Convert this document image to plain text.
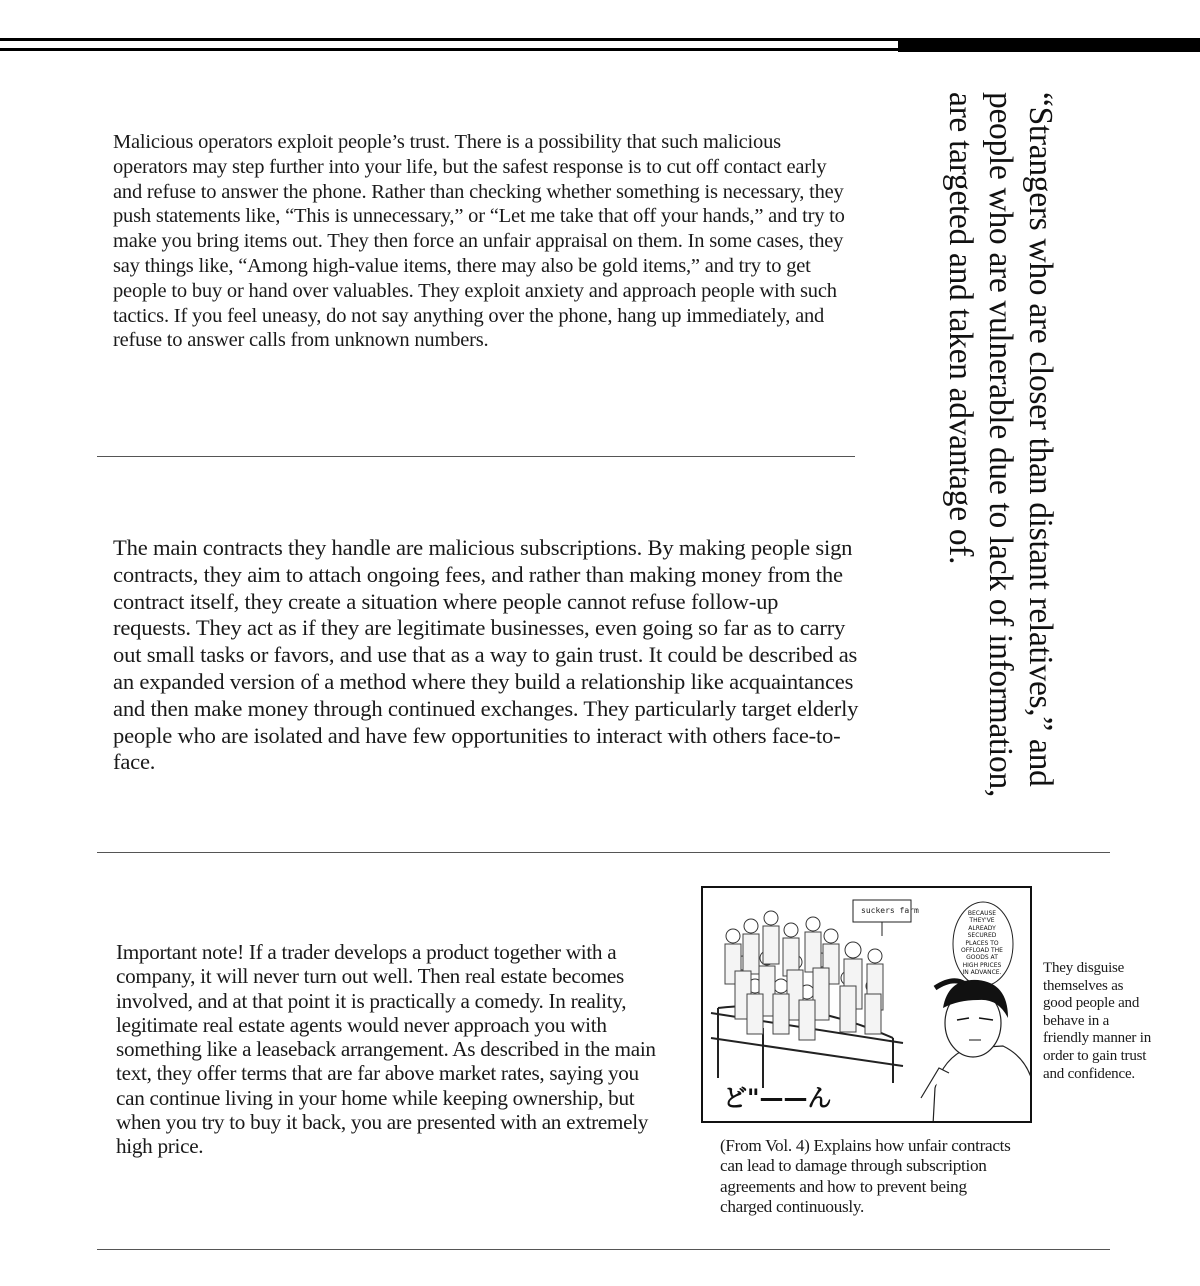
Malicious operators exploit people’s trust. There is a possibility that such malicious operators may step further into your life, but the safest response is to cut off contact early and refuse to answer the phone. Rather than checking whether something is necessary, they push statements like, “This is unnecessary,” or “Let me take that off your hands,” and try to make you bring items out. They then force an unfair appraisal on them. In some cases, they say things like, “Among high-value items, there may also be gold items,” and try to get people to buy or hand over valuables. They exploit anxiety and approach people with such tactics. If you feel uneasy, do not say anything over the phone, hang up immediately, and refuse to answer calls from unknown numbers.

The main contracts they handle are malicious subscriptions. By making people sign contracts, they aim to attach ongoing fees, and rather than making money from the contract itself, they create a situation where people cannot refuse follow-up requests. They act as if they are legitimate businesses, even going so far as to carry out small tasks or favors, and use that as a way to gain trust. It could be described as an expanded version of a method where they build a relationship like acquaintances and then make money through continued exchanges. They particularly target elderly people who are isolated and have few opportunities to interact with others face-to-face.

Important note! If a trader develops a product together with a company, it will never turn out well. Then real estate becomes involved, and at that point it is practically a comedy. In reality, legitimate real estate agents would never approach you with something like a leaseback arrangement. As described in the main text, they offer terms that are far above market rates, saying you can continue living in your home while keeping ownership, but when you try to buy it back, you are presented with an extremely high price.

“Strangers who are closer than distant relatives,” and people who are vulnerable due to lack of information, are targeted and taken advantage of.

suckers farm	BECAUSE THEY'VE ALREADY SECURED PLACES TO OFFLOAD THE GOODS AT HIGH PRICES IN ADVANCE.
ど"——ん

(From Vol. 4) Explains how unfair contracts can lead to damage through subscription agreements and how to prevent being charged continuously.

They disguise themselves as good people and behave in a friendly manner in order to gain trust and confidence.
